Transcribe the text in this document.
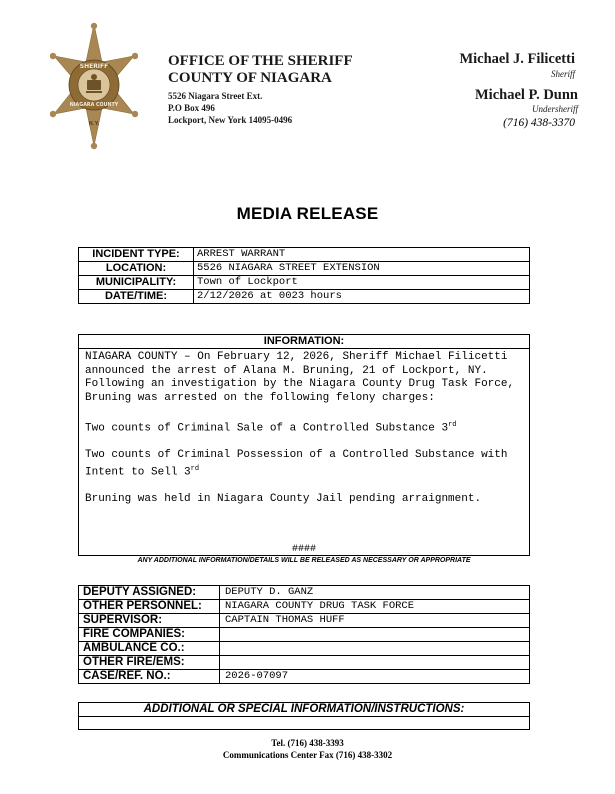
SHERIFF
NIAGARA COUNTY
N.Y.
OFFICE OF THE SHERIFF
COUNTY OF NIAGARA
5526 Niagara Street Ext.
P.O Box 496
Lockport, New York 14095-0496
Michael J. Filicetti
Sheriff
Michael P. Dunn
Undersheriff
(716) 438-3370
MEDIA RELEASE
INCIDENT TYPE:	ARREST WARRANT
LOCATION:	5526 NIAGARA STREET EXTENSION
MUNICIPALITY:	Town of Lockport
DATE/TIME:	2/12/2026 at 0023 hours
INFORMATION:

NIAGARA COUNTY – On February 12, 2026, Sheriff Michael Filicetti announced the arrest of Alana M. Bruning, 21 of Lockport, NY. Following an investigation by the Niagara County Drug Task Force, Bruning was arrested on the following felony charges:

Two counts of Criminal Sale of a Controlled Substance 3rd

Two counts of Criminal Possession of a Controlled Substance with Intent to Sell 3rd

Bruning was held in Niagara County Jail pending arraignment.

####
ANY ADDITIONAL INFORMATION/DETAILS WILL BE RELEASED AS NECESSARY OR APPROPRIATE
DEPUTY ASSIGNED:	DEPUTY D. GANZ
OTHER PERSONNEL:	NIAGARA COUNTY DRUG TASK FORCE
SUPERVISOR:	CAPTAIN THOMAS HUFF
FIRE COMPANIES:	
AMBULANCE CO.:	
OTHER FIRE/EMS:	
CASE/REF. NO.:	2026-07097
ADDITIONAL OR SPECIAL INFORMATION/INSTRUCTIONS:
Tel. (716) 438-3393
Communications Center Fax (716) 438-3302
